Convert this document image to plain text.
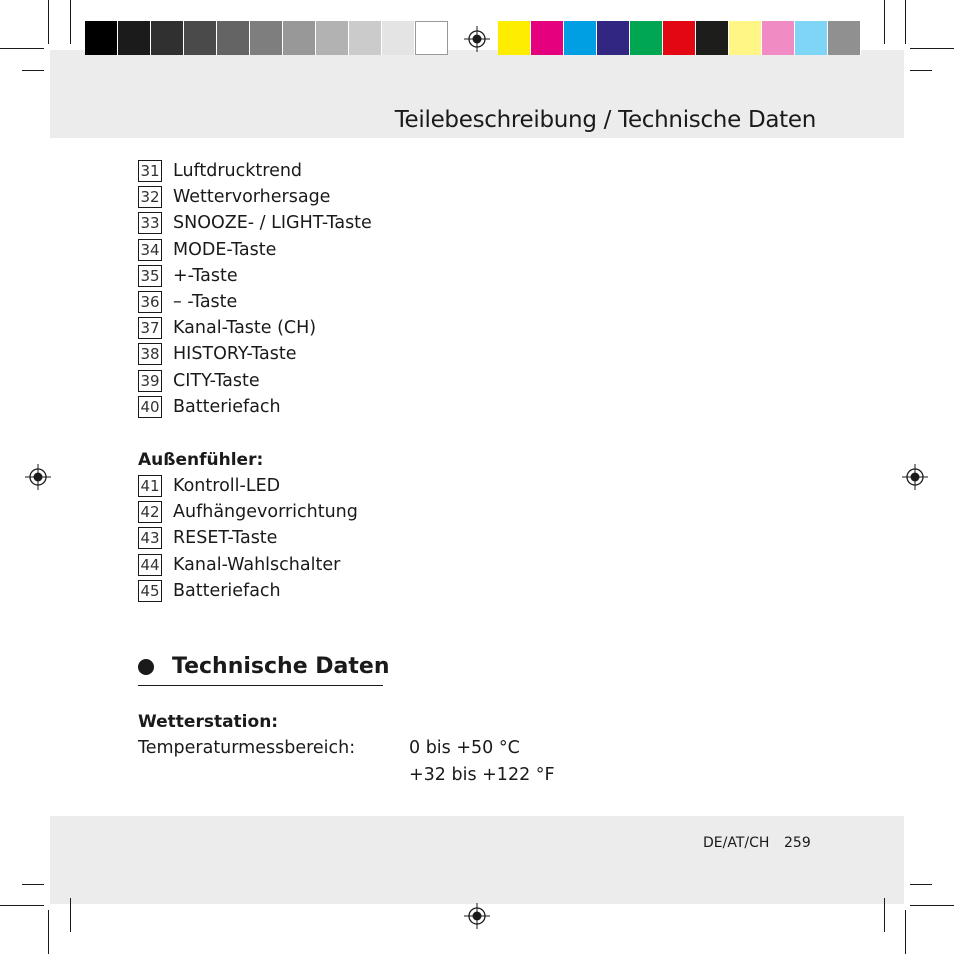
Teilebeschreibung / Technische Daten
31 Luftdrucktrend
32 Wettervorhersage
33 SNOOZE- / LIGHT-Taste
34 MODE-Taste
35 +-Taste
36 – -Taste
37 Kanal-Taste (CH)
38 HISTORY-Taste
39 CITY-Taste
40 Batteriefach
Außenfühler:
41 Kontroll-LED
42 Aufhängevorrichtung
43 RESET-Taste
44 Kanal-Wahlschalter
45 Batteriefach
Technische Daten
Wetterstation:
Temperaturmessbereich:	0 bis +50 °C
+32 bis +122 °F
DE/AT/CH 259
